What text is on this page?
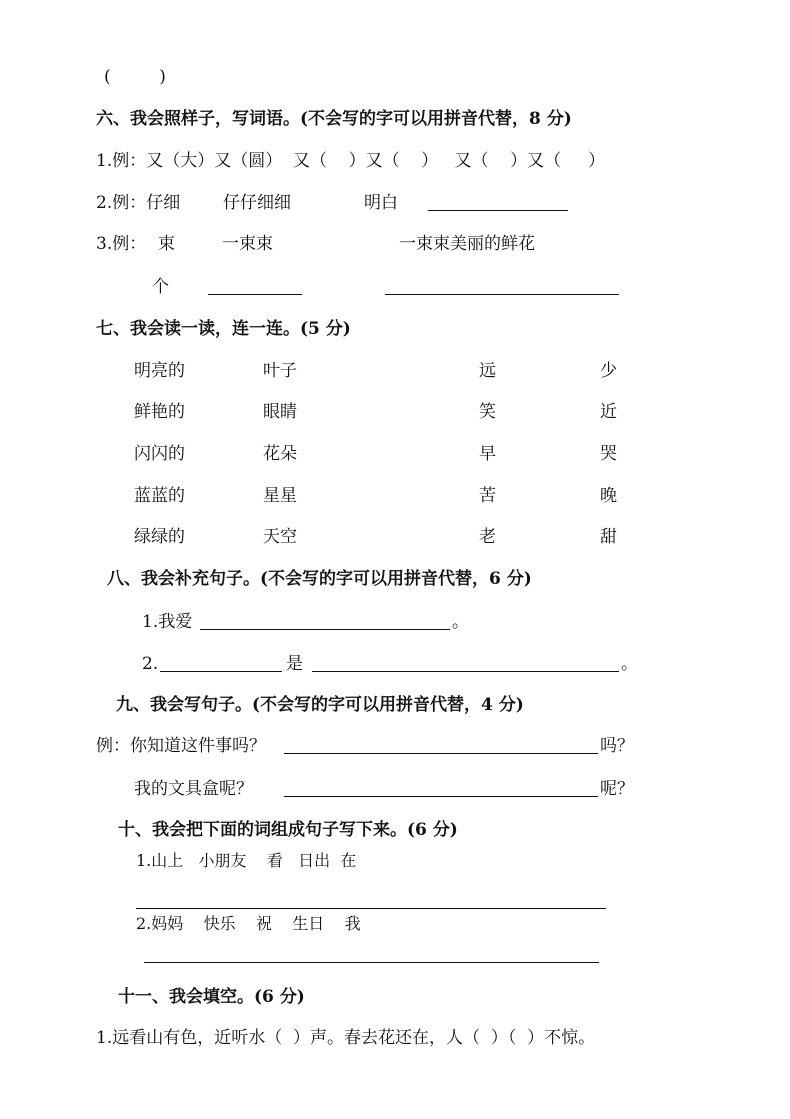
(         )
六、我会照样子，写词语。(不会写的字可以用拼音代替，8 分)
1.例：又（大）又（圆）  又（    ）又（    ）   又（    ）又（     ）
2.例：仔细	仔仔细细	明白
3.例： 束	一束束	一束束美丽的鲜花
个
七、我会读一读，连一连。(5 分)
明亮的	叶子	远	少
鲜艳的	眼睛	笑	近
闪闪的	花朵	早	哭
蓝蓝的	星星	苦	晚
绿绿的	天空	老	甜
八、我会补充句子。(不会写的字可以用拼音代替，6 分)
1.我爱	。
2.	是	。
九、我会写句子。(不会写的字可以用拼音代替，4 分)
例：你知道这件事吗？	吗？
我的文具盒呢？	呢？
十、我会把下面的词组成句子写下来。(6 分)
1.山上   小朋友    看   日出  在
2.妈妈    快乐    祝    生日    我
十一、我会填空。(6 分)
1.远看山有色，近听水（  ）声。春去花还在，人（  ）（  ）不惊。
